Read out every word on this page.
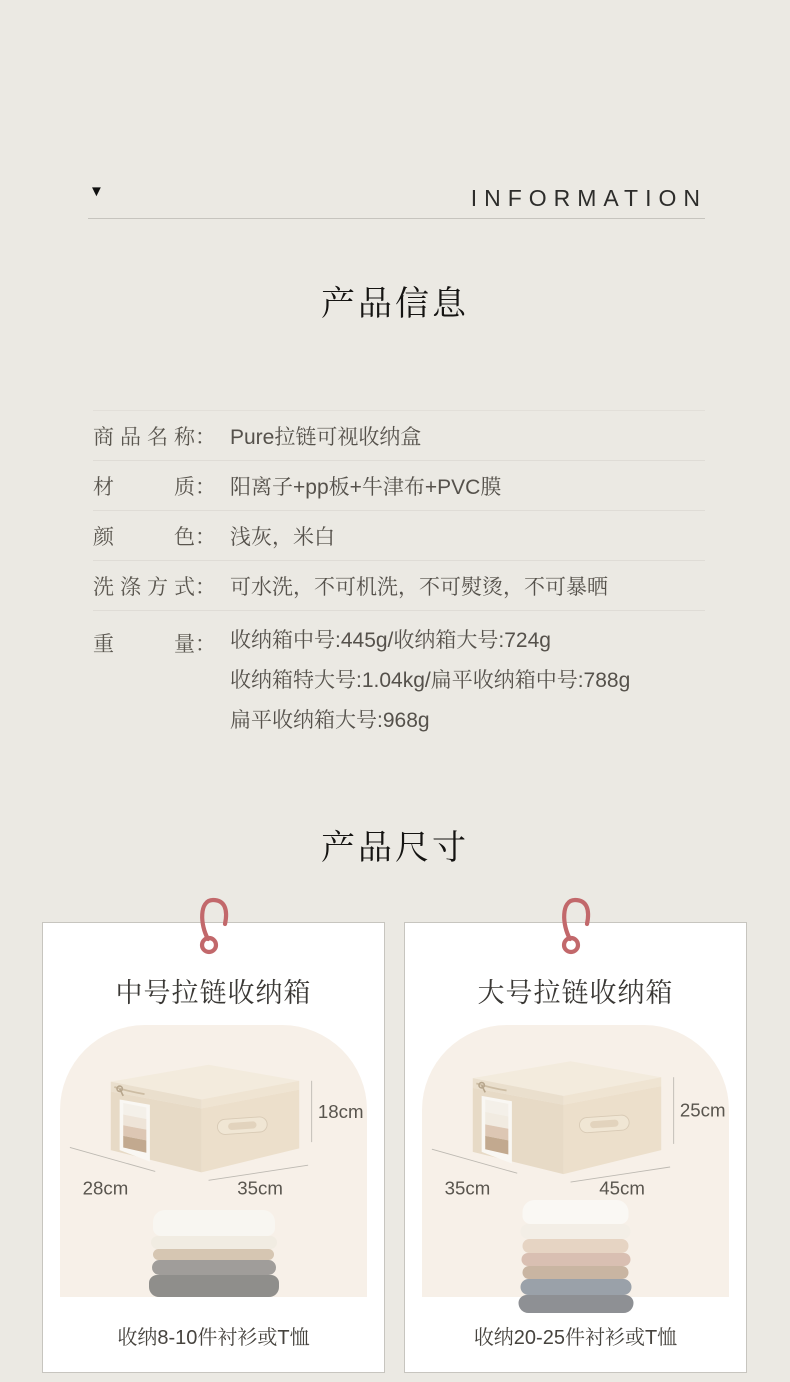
▼	INFORMATION
产品信息
商品名称 ： Pure拉链可视收纳盒
材质 ： 阳离子+pp板+牛津布+PVC膜
颜色 ： 浅灰，米白
洗涤方式 ： 可水洗，不可机洗，不可熨烫，不可暴晒
重量： 收纳箱中号:445g/收纳箱大号:724g
收纳箱特大号:1.04kg/扁平收纳箱中号:788g
扁平收纳箱大号:968g
产品尺寸
中号拉链收纳箱
18cm
28cm	35cm
收纳8-10件衬衫或T恤
大号拉链收纳箱
25cm
35cm	45cm
收纳20-25件衬衫或T恤
